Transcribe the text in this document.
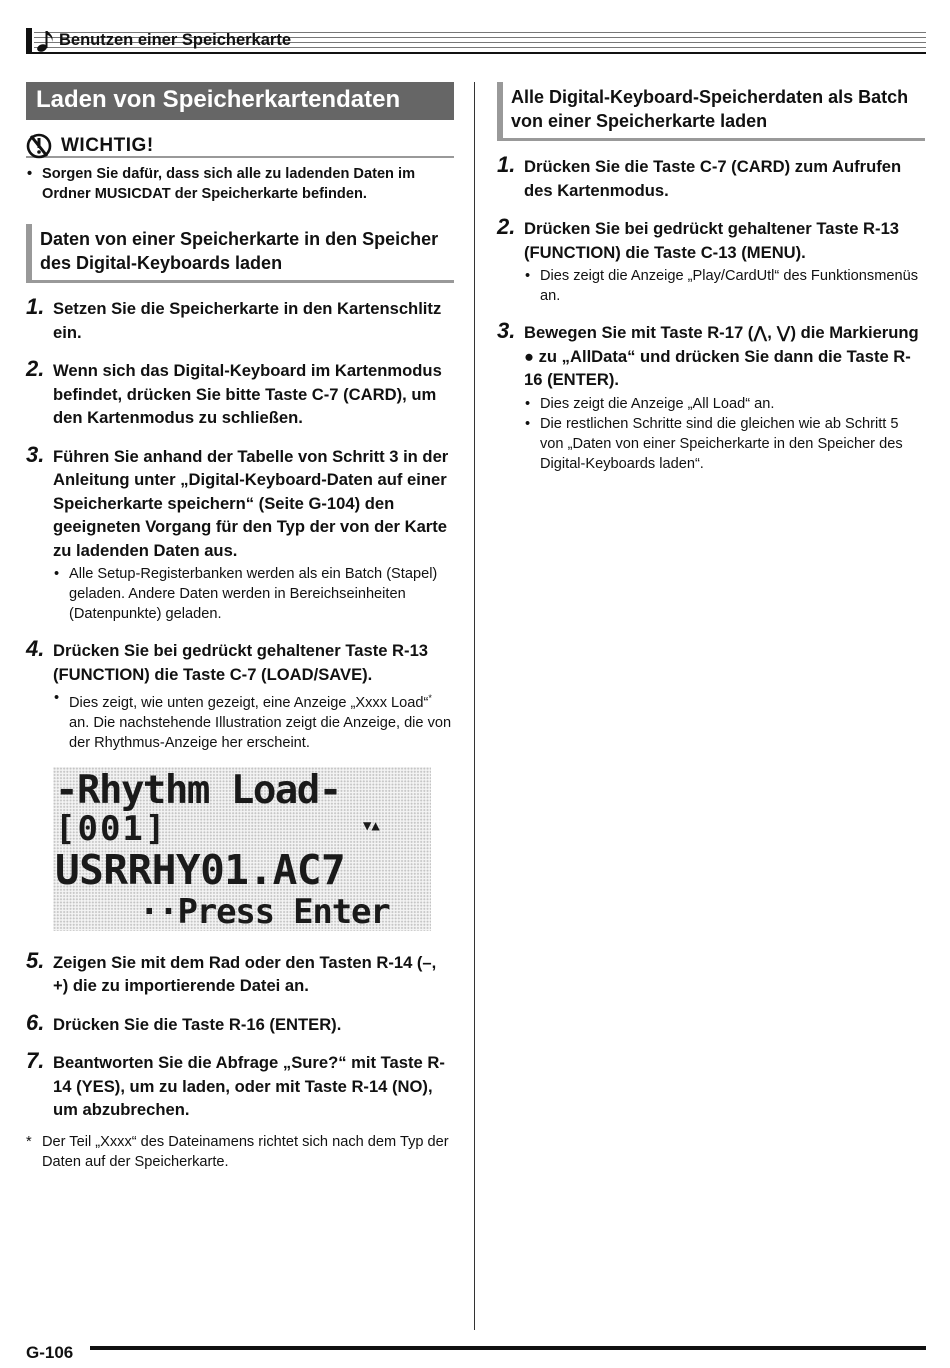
Benutzen einer Speicherkarte
Laden von Speicherkartendaten
WICHTIG!
• Sorgen Sie dafür, dass sich alle zu ladenden Daten im Ordner MUSICDAT der Speicherkarte befinden.
Daten von einer Speicherkarte in den Speicher des Digital-Keyboards laden
1. Setzen Sie die Speicherkarte in den Kartenschlitz ein.
2. Wenn sich das Digital-Keyboard im Kartenmodus befindet, drücken Sie bitte Taste C-7 (CARD), um den Kartenmodus zu schließen.
3. Führen Sie anhand der Tabelle von Schritt 3 in der Anleitung unter „Digital-Keyboard-Daten auf einer Speicherkarte speichern“ (Seite G-104) den geeigneten Vorgang für den Typ der von der Karte zu ladenden Daten aus.
• Alle Setup-Registerbanken werden als ein Batch (Stapel) geladen. Andere Daten werden in Bereichseinheiten (Datenpunkte) geladen.
4. Drücken Sie bei gedrückt gehaltener Taste R-13 (FUNCTION) die Taste C-7 (LOAD/SAVE).
• Dies zeigt, wie unten gezeigt, eine Anzeige „Xxxx Load“* an. Die nachstehende Illustration zeigt die Anzeige, die von der Rhythmus-Anzeige her erscheint.
-Rhythm Load-
[001]	▼▲
USRRHY01.AC7
··Press Enter
5. Zeigen Sie mit dem Rad oder den Tasten R-14 (–, +) die zu importierende Datei an.
6. Drücken Sie die Taste R-16 (ENTER).
7. Beantworten Sie die Abfrage „Sure?“ mit Taste R-14 (YES), um zu laden, oder mit Taste R-14 (NO), um abzubrechen.
* Der Teil „Xxxx“ des Dateinamens richtet sich nach dem Typ der Daten auf der Speicherkarte.
Alle Digital-Keyboard-Speicherdaten als Batch von einer Speicherkarte laden
1. Drücken Sie die Taste C-7 (CARD) zum Aufrufen des Kartenmodus.
2. Drücken Sie bei gedrückt gehaltener Taste R-13 (FUNCTION) die Taste C-13 (MENU).
• Dies zeigt die Anzeige „Play/CardUtl“ des Funktionsmenüs an.
3. Bewegen Sie mit Taste R-17 (⋀, ⋁) die Markierung ● zu „AllData“ und drücken Sie dann die Taste R-16 (ENTER).
• Dies zeigt die Anzeige „All Load“ an.
• Die restlichen Schritte sind die gleichen wie ab Schritt 5 von „Daten von einer Speicherkarte in den Speicher des Digital-Keyboards laden“.
G-106
